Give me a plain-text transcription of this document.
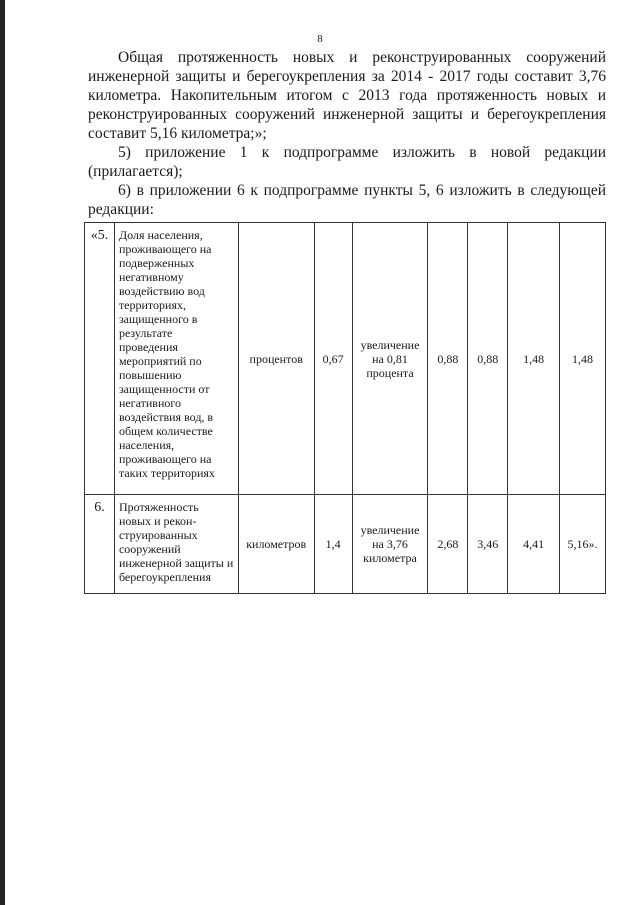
8

Общая протяженность новых и реконструированных сооружений инженерной защиты и берегоукрепления за 2014 - 2017 годы составит 3,76 километра. Накопительным итогом с 2013 года протяженность новых и реконструированных сооружений инженерной защиты и берегоукрепления составит 5,16 километра;»;

5) приложение 1 к подпрограмме изложить в новой редакции (прилагается);

6) в приложении 6 к подпрограмме пункты 5, 6 изложить в следующей редакции:

«5.	Доля населения, проживающего на подверженных негативному воздействию вод территориях, защищенного в результате проведения мероприятий по повышению защищенности от негативного воздействия вод, в общем количестве населения, проживающего на таких территориях	процентов	0,67	увеличение на 0,81 процента	0,88	0,88	1,48	1,48
6.	Протяженность новых и рекон-струированных сооружений инженерной защиты и берегоукрепления	километров	1,4	увеличение на 3,76 километра	2,68	3,46	4,41	5,16».
